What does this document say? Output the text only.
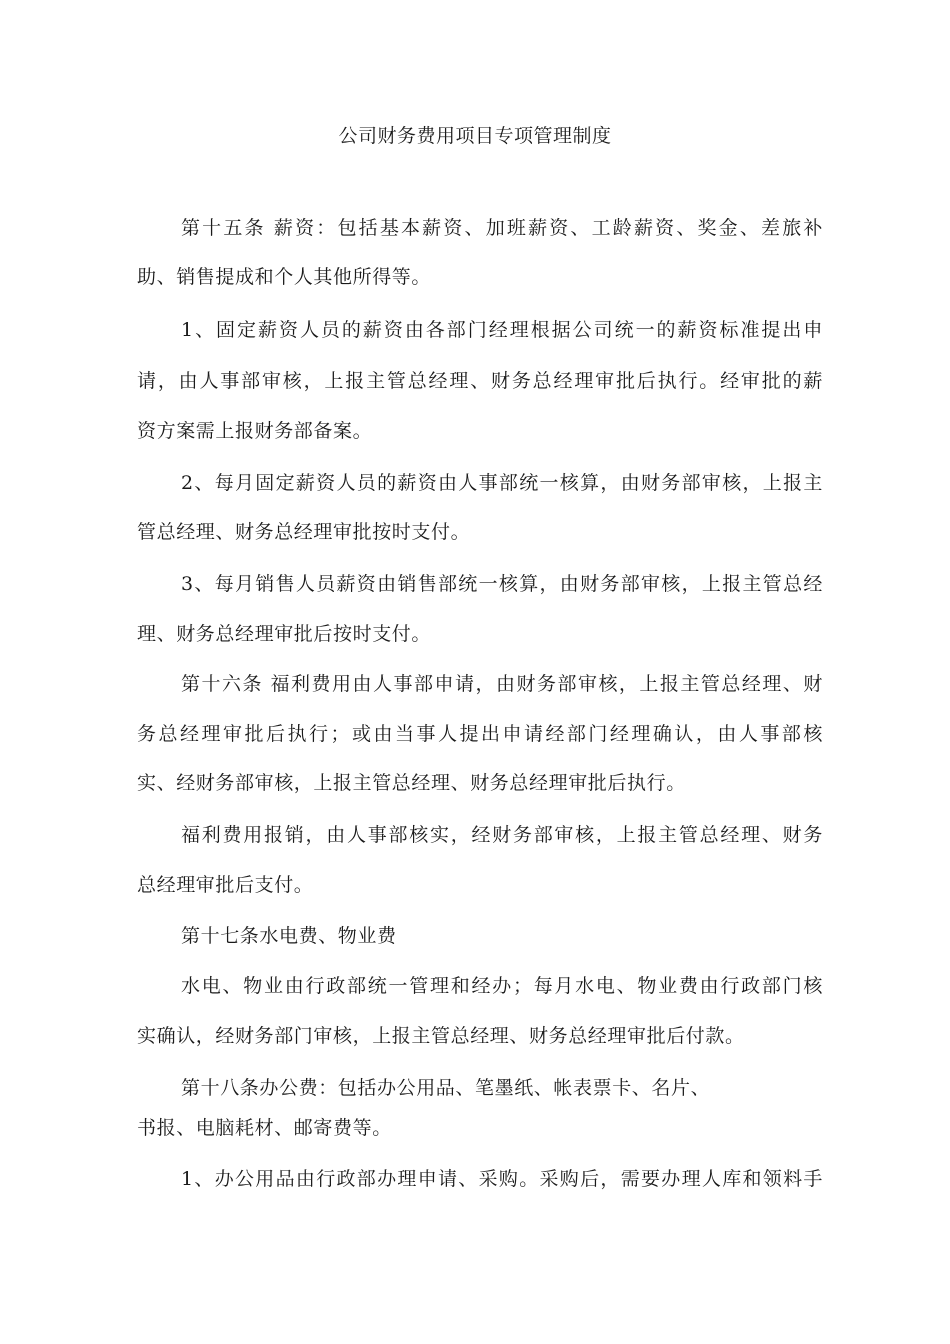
公司财务费用项目专项管理制度
第十五条 薪资：包括基本薪资、加班薪资、工龄薪资、奖金、差旅补
助、销售提成和个人其他所得等。
1、固定薪资人员的薪资由各部门经理根据公司统一的薪资标准提出申
请，由人事部审核，上报主管总经理、财务总经理审批后执行。经审批的薪
资方案需上报财务部备案。
2、每月固定薪资人员的薪资由人事部统一核算，由财务部审核，上报主
管总经理、财务总经理审批按时支付。
3、每月销售人员薪资由销售部统一核算，由财务部审核，上报主管总经
理、财务总经理审批后按时支付。
第十六条 福利费用由人事部申请，由财务部审核，上报主管总经理、财
务总经理审批后执行；或由当事人提出申请经部门经理确认，由人事部核
实、经财务部审核，上报主管总经理、财务总经理审批后执行。
福利费用报销，由人事部核实，经财务部审核，上报主管总经理、财务
总经理审批后支付。
第十七条水电费、物业费
水电、物业由行政部统一管理和经办；每月水电、物业费由行政部门核
实确认，经财务部门审核，上报主管总经理、财务总经理审批后付款。
第十八条办公费：包括办公用品、笔墨纸、帐表票卡、名片、
书报、电脑耗材、邮寄费等。
1、办公用品由行政部办理申请、采购。采购后，需要办理人库和领料手
